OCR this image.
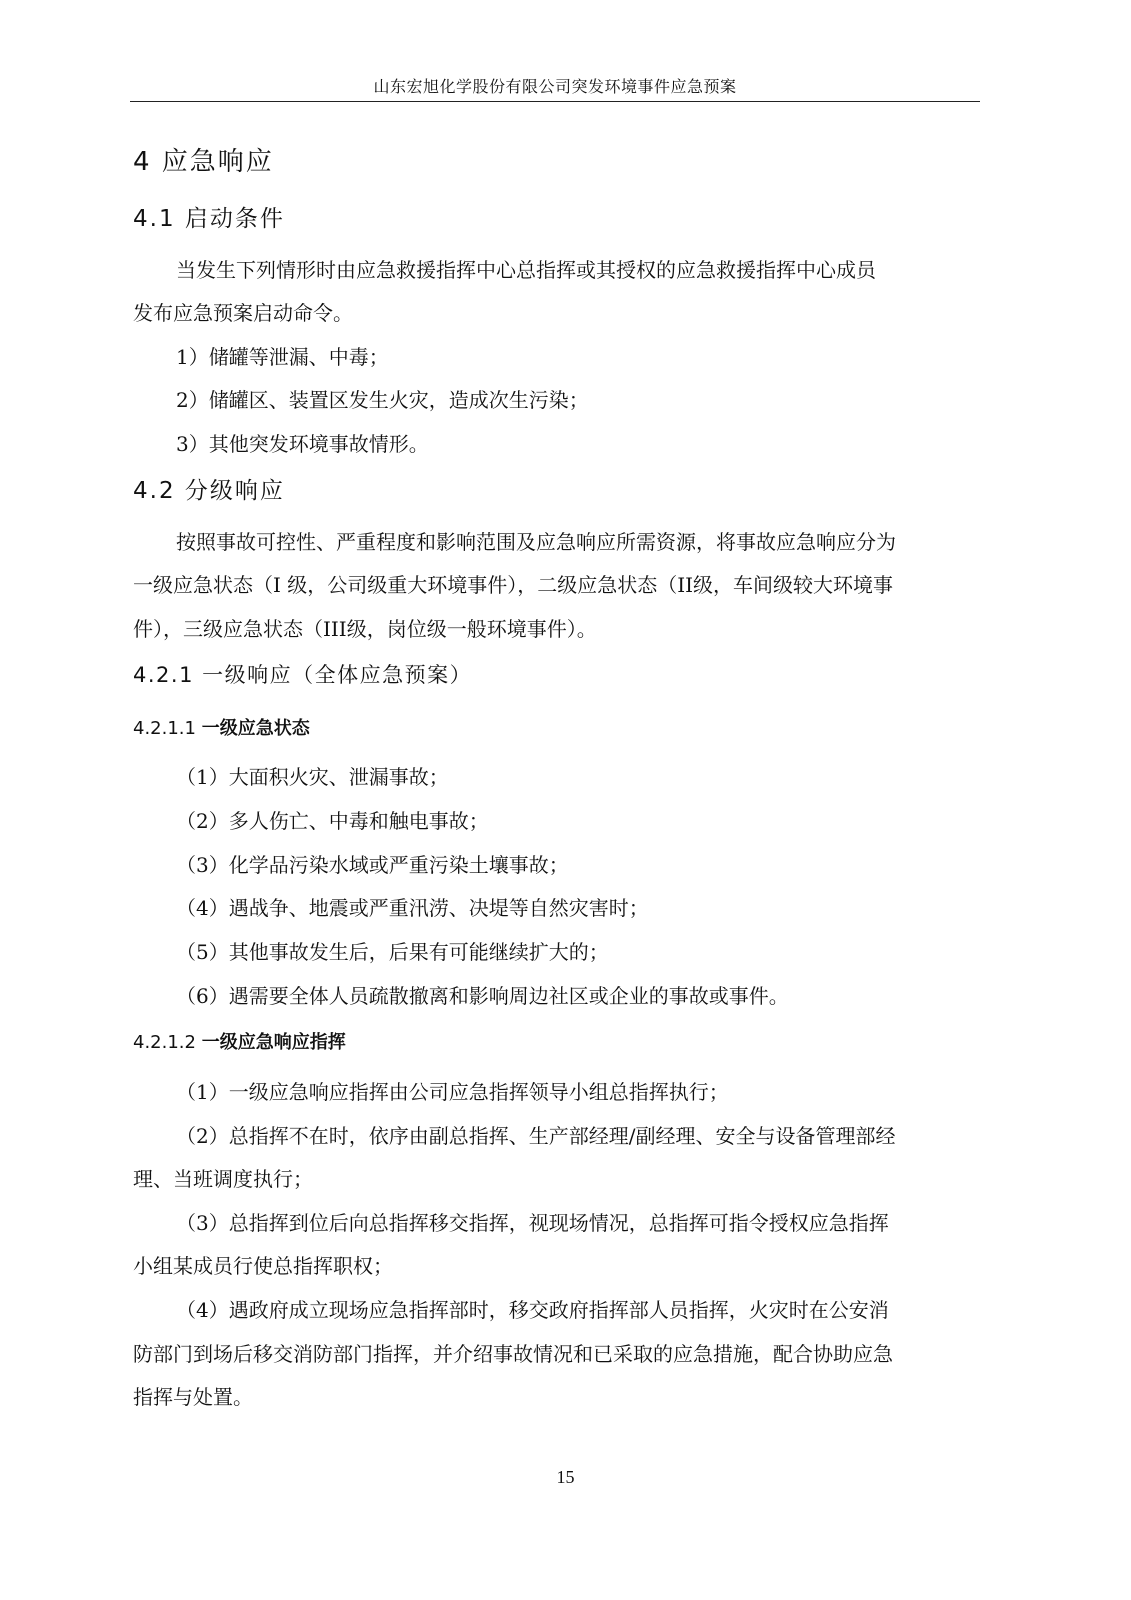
山东宏旭化学股份有限公司突发环境事件应急预案
4 应急响应
4.1 启动条件
当发生下列情形时由应急救援指挥中心总指挥或其授权的应急救援指挥中心成员
发布应急预案启动命令。
1）储罐等泄漏、中毒；
2）储罐区、装置区发生火灾，造成次生污染；
3）其他突发环境事故情形。
4.2 分级响应
按照事故可控性、严重程度和影响范围及应急响应所需资源，将事故应急响应分为
一级应急状态（I 级，公司级重大环境事件），二级应急状态（II级，车间级较大环境事
件），三级应急状态（III级，岗位级一般环境事件）。
4.2.1 一级响应（全体应急预案）
4.2.1.1 一级应急状态
（1）大面积火灾、泄漏事故；
（2）多人伤亡、中毒和触电事故；
（3）化学品污染水域或严重污染土壤事故；
（4）遇战争、地震或严重汛涝、决堤等自然灾害时；
（5）其他事故发生后，后果有可能继续扩大的；
（6）遇需要全体人员疏散撤离和影响周边社区或企业的事故或事件。
4.2.1.2 一级应急响应指挥
（1）一级应急响应指挥由公司应急指挥领导小组总指挥执行；
（2）总指挥不在时，依序由副总指挥、生产部经理/副经理、安全与设备管理部经
理、当班调度执行；
（3）总指挥到位后向总指挥移交指挥，视现场情况，总指挥可指令授权应急指挥
小组某成员行使总指挥职权；
（4）遇政府成立现场应急指挥部时，移交政府指挥部人员指挥，火灾时在公安消
防部门到场后移交消防部门指挥，并介绍事故情况和已采取的应急措施，配合协助应急
指挥与处置。
15
